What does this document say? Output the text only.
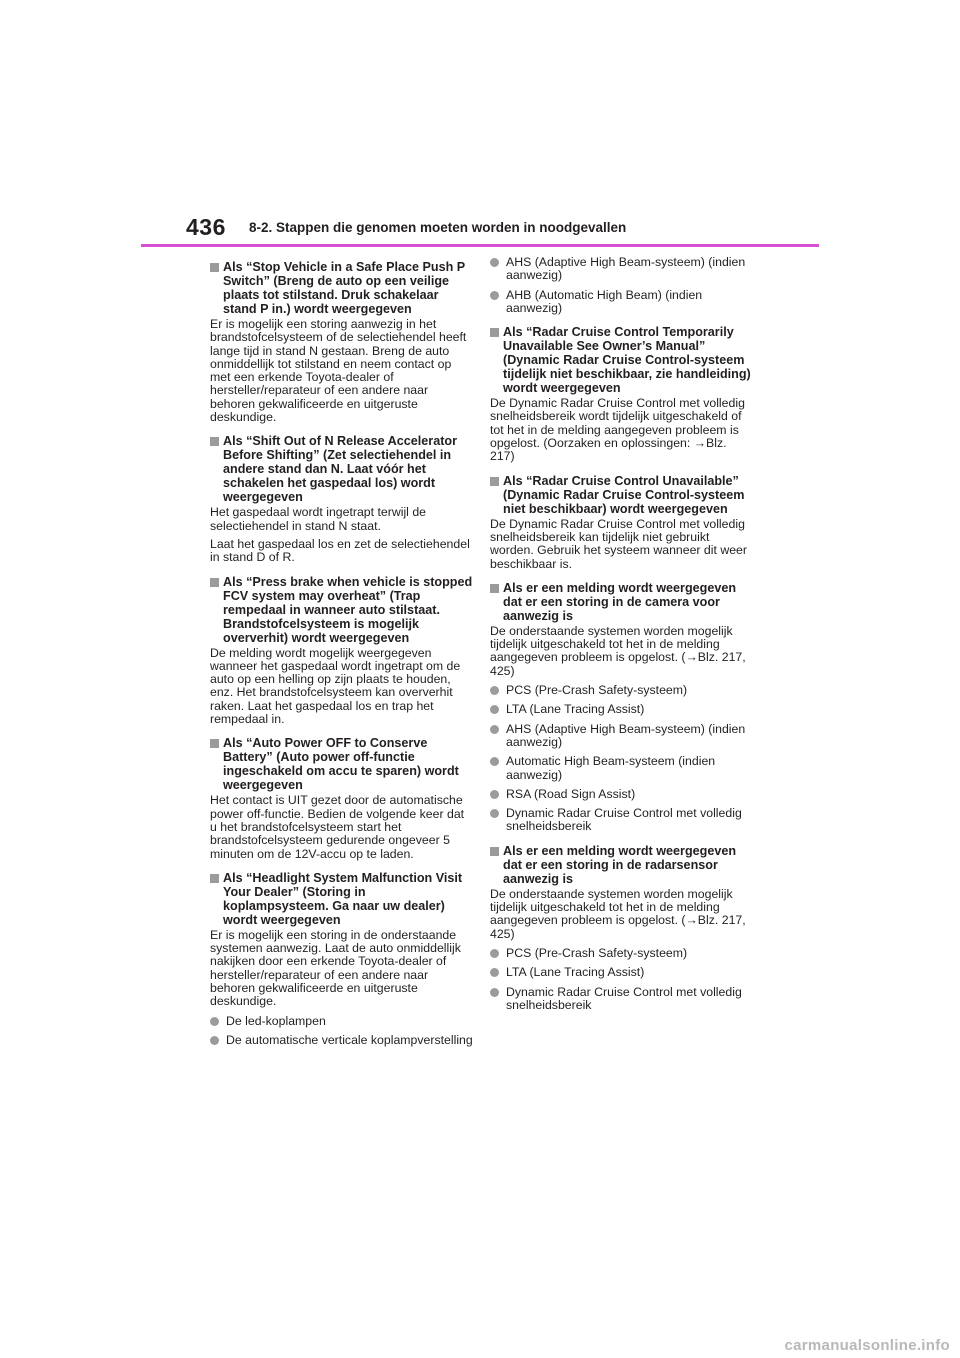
436 8-2. Stappen die genomen moeten worden in noodgevallen
Als “Stop Vehicle in a Safe Place Push P Switch” (Breng de auto op een veilige plaats tot stilstand. Druk schakelaar stand P in.) wordt weergegeven
Er is mogelijk een storing aanwezig in het brandstofcelsysteem of de selectiehendel heeft lange tijd in stand N gestaan. Breng de auto onmiddellijk tot stilstand en neem contact op met een erkende Toyota-dealer of hersteller/reparateur of een andere naar behoren gekwalificeerde en uitgeruste deskundige.
Als “Shift Out of N Release Accelerator Before Shifting” (Zet selectiehendel in andere stand dan N. Laat vóór het schakelen het gaspedaal los) wordt weergegeven
Het gaspedaal wordt ingetrapt terwijl de selectiehendel in stand N staat.
Laat het gaspedaal los en zet de selectiehendel in stand D of R.
Als “Press brake when vehicle is stopped FCV system may overheat” (Trap rempedaal in wanneer auto stilstaat. Brandstofcelsysteem is mogelijk oververhit) wordt weergegeven
De melding wordt mogelijk weergegeven wanneer het gaspedaal wordt ingetrapt om de auto op een helling op zijn plaats te houden, enz. Het brandstofcelsysteem kan oververhit raken. Laat het gaspedaal los en trap het rempedaal in.
Als “Auto Power OFF to Conserve Battery” (Auto power off-functie ingeschakeld om accu te sparen) wordt weergegeven
Het contact is UIT gezet door de automatische power off-functie. Bedien de volgende keer dat u het brandstofcelsysteem start het brandstofcelsysteem gedurende ongeveer 5 minuten om de 12V-accu op te laden.
Als “Headlight System Malfunction Visit Your Dealer” (Storing in koplampsysteem. Ga naar uw dealer) wordt weergegeven
Er is mogelijk een storing in de onderstaande systemen aanwezig. Laat de auto onmiddellijk nakijken door een erkende Toyota-dealer of hersteller/reparateur of een andere naar behoren gekwalificeerde en uitgeruste deskundige.
De led-koplampen
De automatische verticale koplampverstelling
AHS (Adaptive High Beam-systeem) (indien aanwezig)
AHB (Automatic High Beam) (indien aanwezig)
Als “Radar Cruise Control Temporarily Unavailable See Owner’s Manual” (Dynamic Radar Cruise Control-systeem tijdelijk niet beschikbaar, zie handleiding) wordt weergegeven
De Dynamic Radar Cruise Control met volledig snelheidsbereik wordt tijdelijk uitgeschakeld of tot het in de melding aangegeven probleem is opgelost. (Oorzaken en oplossingen: →Blz. 217)
Als “Radar Cruise Control Unavailable” (Dynamic Radar Cruise Control-systeem niet beschikbaar) wordt weergegeven
De Dynamic Radar Cruise Control met volledig snelheidsbereik kan tijdelijk niet gebruikt worden. Gebruik het systeem wanneer dit weer beschikbaar is.
Als er een melding wordt weergegeven dat er een storing in de camera voor aanwezig is
De onderstaande systemen worden mogelijk tijdelijk uitgeschakeld tot het in de melding aangegeven probleem is opgelost. (→Blz. 217, 425)
PCS (Pre-Crash Safety-systeem)
LTA (Lane Tracing Assist)
AHS (Adaptive High Beam-systeem) (indien aanwezig)
Automatic High Beam-systeem (indien aanwezig)
RSA (Road Sign Assist)
Dynamic Radar Cruise Control met volledig snelheidsbereik
Als er een melding wordt weergegeven dat er een storing in de radarsensor aanwezig is
De onderstaande systemen worden mogelijk tijdelijk uitgeschakeld tot het in de melding aangegeven probleem is opgelost. (→Blz. 217, 425)
PCS (Pre-Crash Safety-systeem)
LTA (Lane Tracing Assist)
Dynamic Radar Cruise Control met volledig snelheidsbereik
carmanualsonline.info
